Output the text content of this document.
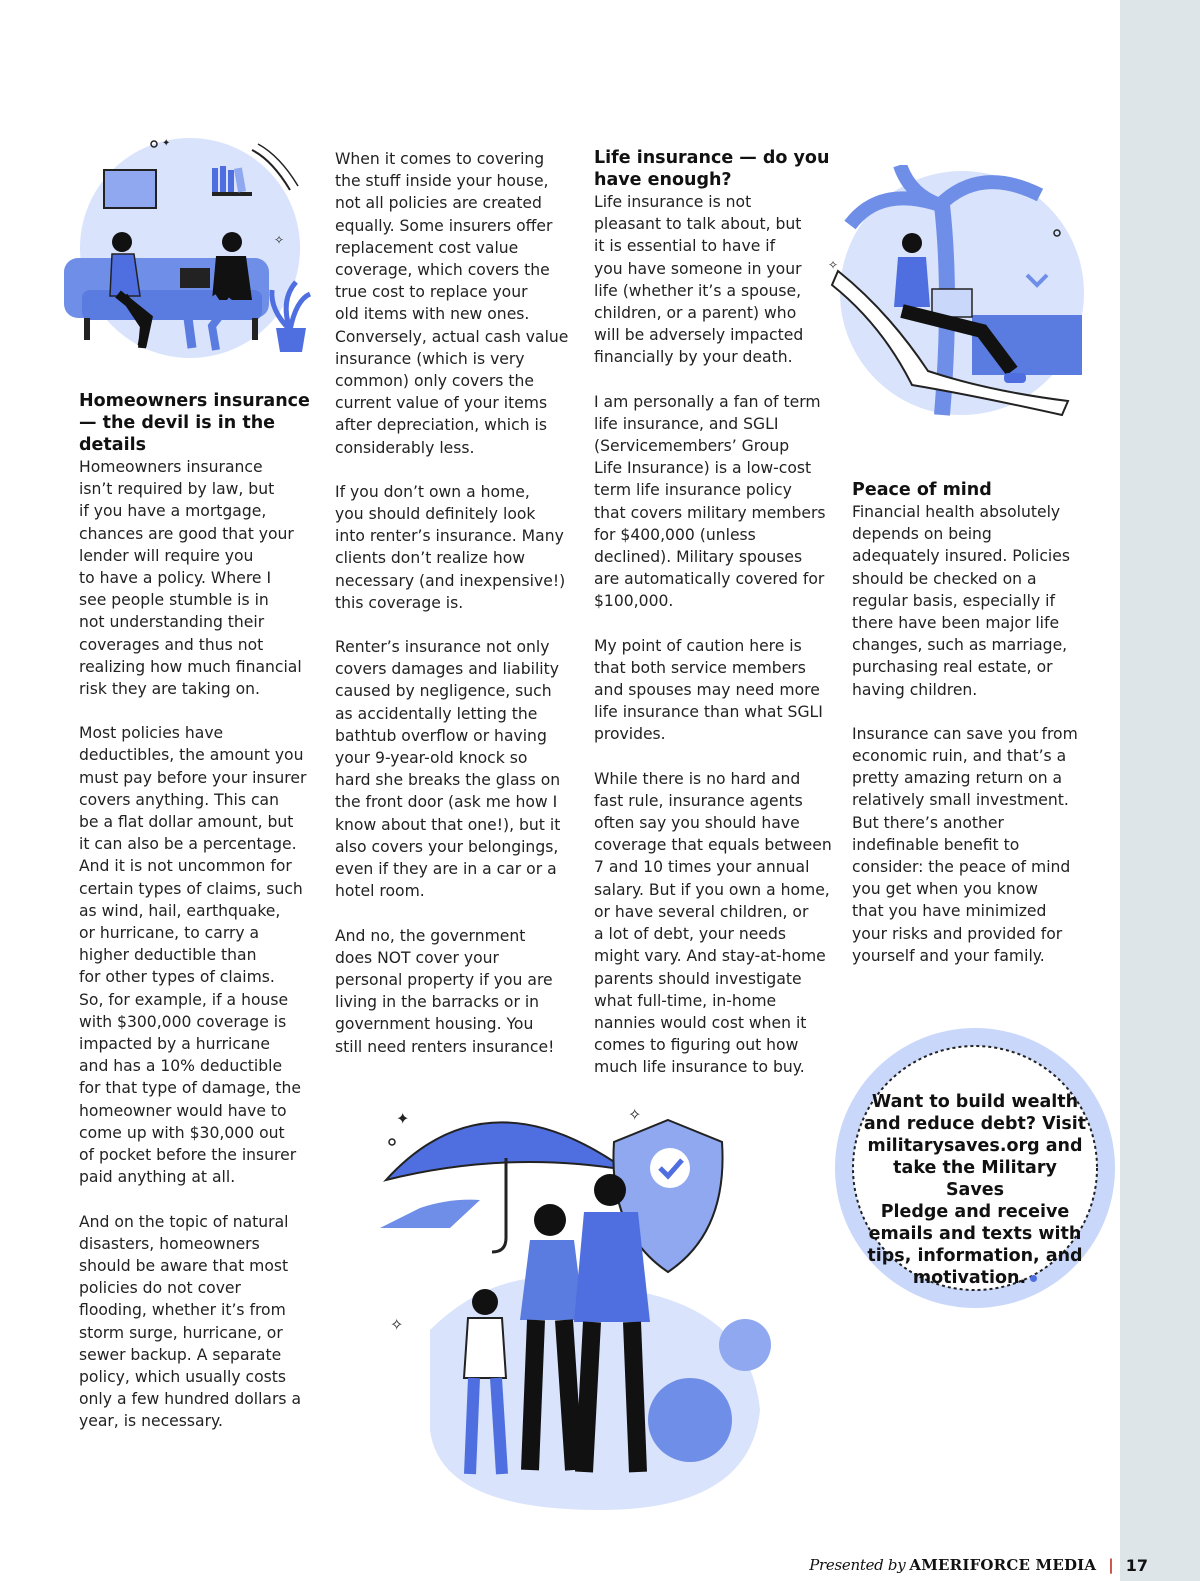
✦
✧
Homeowners insurance
— the devil is in the
details

Homeowners insurance
isn’t required by law, but
if you have a mortgage,
chances are good that your
lender will require you
to have a policy. Where I
see people stumble is in
not understanding their
coverages and thus not
realizing how much financial
risk they are taking on.

Most policies have
deductibles, the amount you
must pay before your insurer
covers anything. This can
be a flat dollar amount, but
it can also be a percentage.
And it is not uncommon for
certain types of claims, such
as wind, hail, earthquake,
or hurricane, to carry a
higher deductible than
for other types of claims.
So, for example, if a house
with $300,000 coverage is
impacted by a hurricane
and has a 10% deductible
for that type of damage, the
homeowner would have to
come up with $30,000 out
of pocket before the insurer
paid anything at all.

And on the topic of natural
disasters, homeowners
should be aware that most
policies do not cover
flooding, whether it’s from
storm surge, hurricane, or
sewer backup. A separate
policy, which usually costs
only a few hundred dollars a
year, is necessary.

When it comes to covering
the stuff inside your house,
not all policies are created
equally. Some insurers offer
replacement cost value
coverage, which covers the
true cost to replace your
old items with new ones.
Conversely, actual cash value
insurance (which is very
common) only covers the
current value of your items
after depreciation, which is
considerably less.

If you don’t own a home,
you should definitely look
into renter’s insurance. Many
clients don’t realize how
necessary (and inexpensive!)
this coverage is.

Renter’s insurance not only
covers damages and liability
caused by negligence, such
as accidentally letting the
bathtub overflow or having
your 9-year-old knock so
hard she breaks the glass on
the front door (ask me how I
know about that one!), but it
also covers your belongings,
even if they are in a car or a
hotel room.

And no, the government
does NOT cover your
personal property if you are
living in the barracks or in
government housing. You
still need renters insurance!

Life insurance — do you
have enough?

Life insurance is not
pleasant to talk about, but
it is essential to have if
you have someone in your
life (whether it’s a spouse,
children, or a parent) who
will be adversely impacted
financially by your death.

I am personally a fan of term
life insurance, and SGLI
(Servicemembers’ Group
Life Insurance) is a low-cost
term life insurance policy
that covers military members
for $400,000 (unless
declined). Military spouses
are automatically covered for
$100,000.

My point of caution here is
that both service members
and spouses may need more
life insurance than what SGLI
provides.

While there is no hard and
fast rule, insurance agents
often say you should have
coverage that equals between
7 and 10 times your annual
salary. But if you own a home,
or have several children, or
a lot of debt, your needs
might vary. And stay-at-home
parents should investigate
what full-time, in-home
nannies would cost when it
comes to figuring out how
much life insurance to buy.

✧
Peace of mind

Financial health absolutely
depends on being
adequately insured. Policies
should be checked on a
regular basis, especially if
there have been major life
changes, such as marriage,
purchasing real estate, or
having children.

Insurance can save you from
economic ruin, and that’s a
pretty amazing return on a
relatively small investment.
But there’s another
indefinable benefit to
consider: the peace of mind
you get when you know
that you have minimized
your risks and provided for
yourself and your family.

Want to build wealth
and reduce debt? Visit
militarysaves.org and
take the Military Saves
Pledge and receive
emails and texts with
tips, information, and
motivation.
✦	✧
✧
Presented by AMERIFORCE MEDIA | 17
